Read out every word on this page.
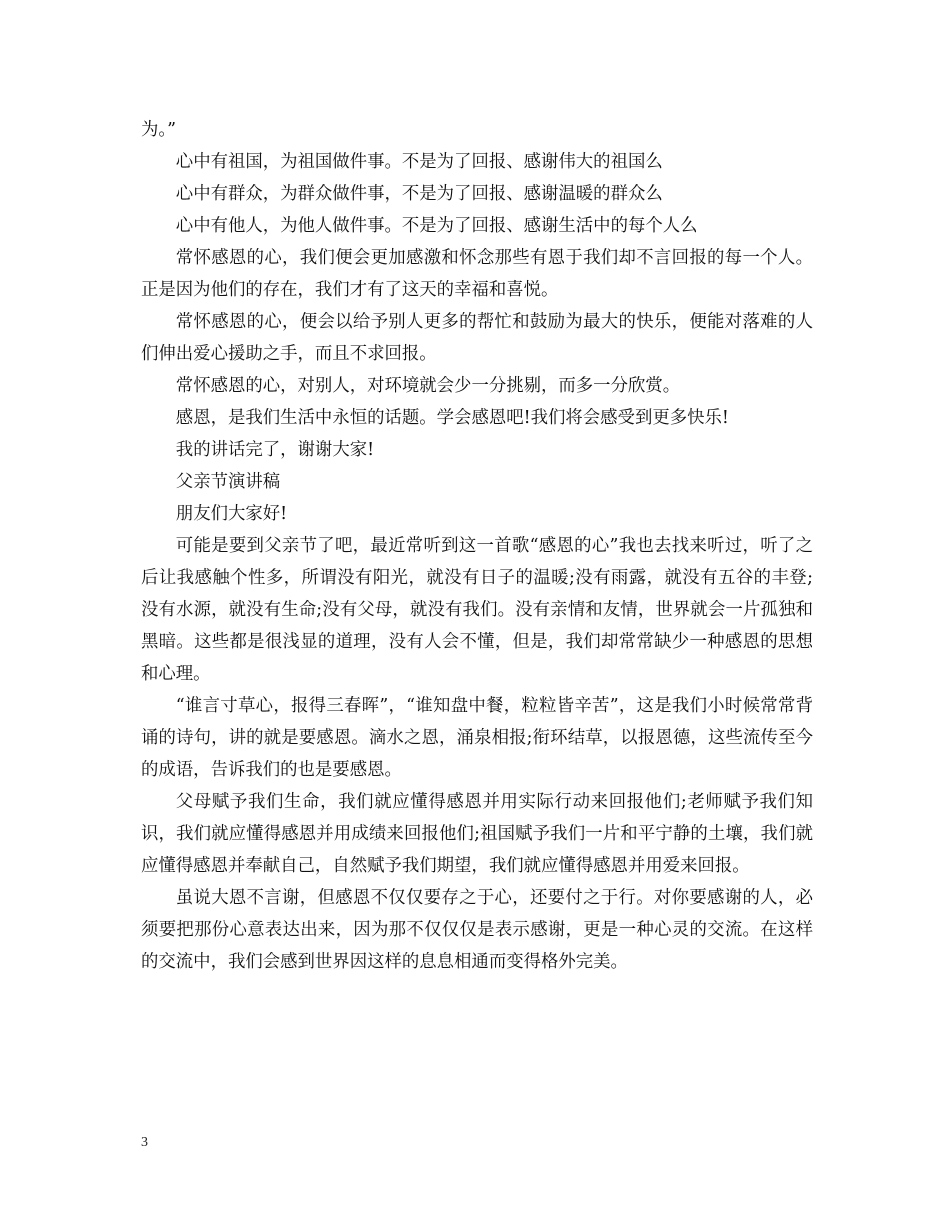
为。”

心中有祖国，为祖国做件事。不是为了回报、感谢伟大的祖国么

心中有群众，为群众做件事，不是为了回报、感谢温暖的群众么

心中有他人，为他人做件事。不是为了回报、感谢生活中的每个人么

常怀感恩的心，我们便会更加感激和怀念那些有恩于我们却不言回报的每一个人。正是因为他们的存在，我们才有了这天的幸福和喜悦。

常怀感恩的心，便会以给予别人更多的帮忙和鼓励为最大的快乐，便能对落难的人们伸出爱心援助之手，而且不求回报。

常怀感恩的心，对别人，对环境就会少一分挑剔，而多一分欣赏。

感恩，是我们生活中永恒的话题。学会感恩吧!我们将会感受到更多快乐!

我的讲话完了，谢谢大家!

父亲节演讲稿

朋友们大家好!

可能是要到父亲节了吧，最近常听到这一首歌“感恩的心”我也去找来听过，听了之后让我感触个性多，所谓没有阳光，就没有日子的温暖;没有雨露，就没有五谷的丰登;没有水源，就没有生命;没有父母，就没有我们。没有亲情和友情，世界就会一片孤独和黑暗。这些都是很浅显的道理，没有人会不懂，但是，我们却常常缺少一种感恩的思想和心理。

“谁言寸草心，报得三春晖”，“谁知盘中餐，粒粒皆辛苦”，这是我们小时候常常背诵的诗句，讲的就是要感恩。滴水之恩，涌泉相报;衔环结草，以报恩德，这些流传至今的成语，告诉我们的也是要感恩。

父母赋予我们生命，我们就应懂得感恩并用实际行动来回报他们;老师赋予我们知识，我们就应懂得感恩并用成绩来回报他们;祖国赋予我们一片和平宁静的土壤，我们就应懂得感恩并奉献自己，自然赋予我们期望，我们就应懂得感恩并用爱来回报。

虽说大恩不言谢，但感恩不仅仅要存之于心，还要付之于行。对你要感谢的人，必须要把那份心意表达出来，因为那不仅仅仅是表示感谢，更是一种心灵的交流。在这样的交流中，我们会感到世界因这样的息息相通而变得格外完美。

3
